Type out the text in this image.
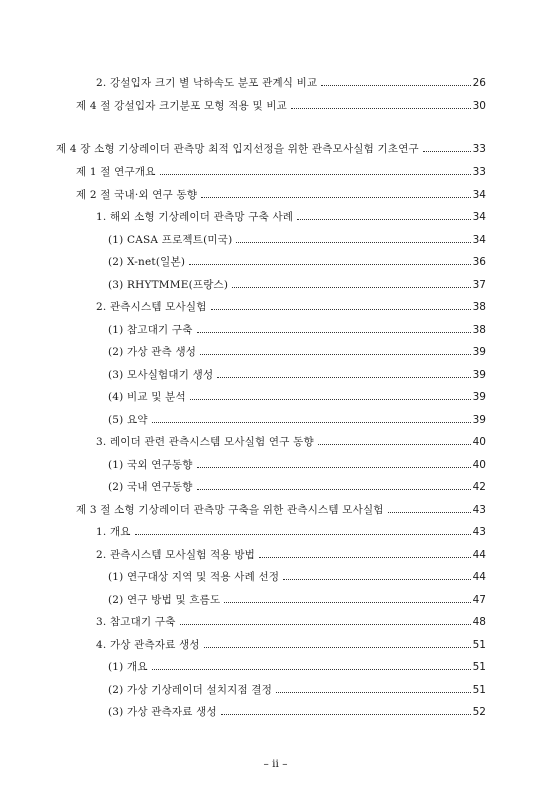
2. 강설입자 크기 별 낙하속도 분포 관계식 비교	26
제 4 절 강설입자 크기분포 모형 적용 및 비교	30
제 4 장 소형 기상레이더 관측망 최적 입지선정을 위한 관측모사실험 기초연구	33
제 1 절 연구개요	33
제 2 절 국내·외 연구 동향	34
1. 해외 소형 기상레이더 관측망 구축 사례	34
(1) CASA 프로젝트(미국)	34
(2) X-net(일본)	36
(3) RHYTMME(프랑스)	37
2. 관측시스템 모사실험	38
(1) 참고대기 구축	38
(2) 가상 관측 생성	39
(3) 모사실험대기 생성	39
(4) 비교 및 분석	39
(5) 요약	39
3. 레이더 관련 관측시스템 모사실험 연구 동향	40
(1) 국외 연구동향	40
(2) 국내 연구동향	42
제 3 절 소형 기상레이더 관측망 구축을 위한 관측시스템 모사실험	43
1. 개요	43
2. 관측시스템 모사실험 적용 방법	44
(1) 연구대상 지역 및 적용 사례 선정	44
(2) 연구 방법 및 흐름도	47
3. 참고대기 구축	48
4. 가상 관측자료 생성	51
(1) 개요	51
(2) 가상 기상레이더 설치지점 결정	51
(3) 가상 관측자료 생성	52
– ii –
